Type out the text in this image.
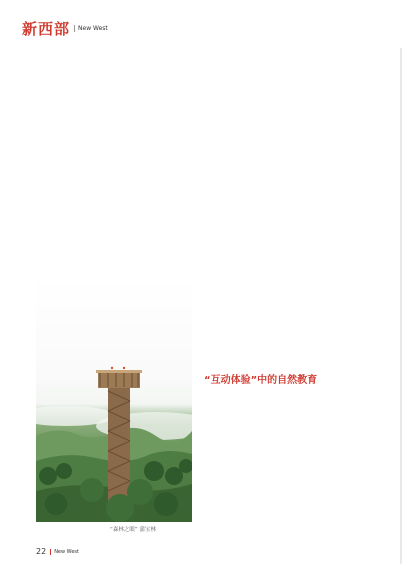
新西部 New West

“互动体验”中的自然教育

“森林之眼” 蒲宝林
22	New West
